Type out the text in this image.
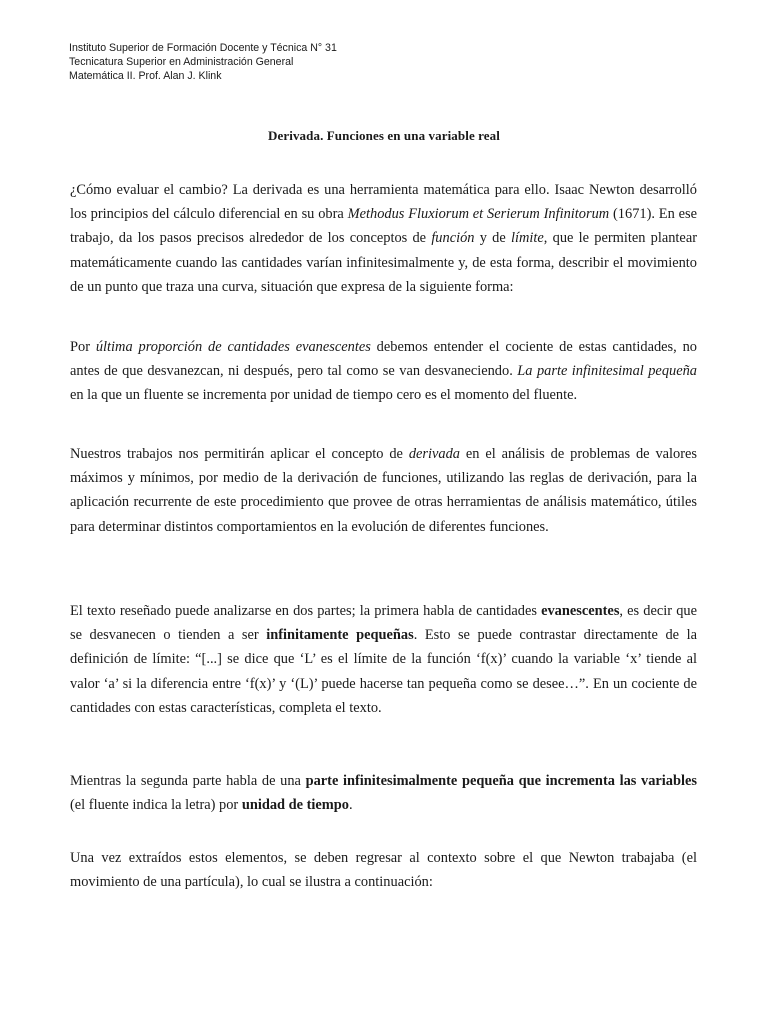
Instituto Superior de Formación Docente y Técnica N° 31
Tecnicatura Superior en Administración General
Matemática II. Prof. Alan J. Klink
Derivada. Funciones en una variable real

¿Cómo evaluar el cambio? La derivada es una herramienta matemática para ello. Isaac Newton desarrolló los principios del cálculo diferencial en su obra Methodus Fluxiorum et Serierum Infinitorum (1671). En ese trabajo, da los pasos precisos alrededor de los conceptos de función y de límite, que le permiten plantear matemáticamente cuando las cantidades varían infinitesimalmente y, de esta forma, describir el movimiento de un punto que traza una curva, situación que expresa de la siguiente forma:

Por última proporción de cantidades evanescentes debemos entender el cociente de estas cantidades, no antes de que desvanezcan, ni después, pero tal como se van desvaneciendo. La parte infinitesimal pequeña en la que un fluente se incrementa por unidad de tiempo cero es el momento del fluente.

Nuestros trabajos nos permitirán aplicar el concepto de derivada en el análisis de problemas de valores máximos y mínimos, por medio de la derivación de funciones, utilizando las reglas de derivación, para la aplicación recurrente de este procedimiento que provee de otras herramientas de análisis matemático, útiles para determinar distintos comportamientos en la evolución de diferentes funciones.

El texto reseñado puede analizarse en dos partes; la primera habla de cantidades evanescentes, es decir que se desvanecen o tienden a ser infinitamente pequeñas. Esto se puede contrastar directamente de la definición de límite: “[...] se dice que ‘L’ es el límite de la función ‘f(x)’ cuando la variable ‘x’ tiende al valor ‘a’ si la diferencia entre ‘f(x)’ y ‘(L)’ puede hacerse tan pequeña como se desee…”. En un cociente de cantidades con estas características, completa el texto.

Mientras la segunda parte habla de una parte infinitesimalmente pequeña que incrementa las variables (el fluente indica la letra) por unidad de tiempo.

Una vez extraídos estos elementos, se deben regresar al contexto sobre el que Newton trabajaba (el movimiento de una partícula), lo cual se ilustra a continuación:
